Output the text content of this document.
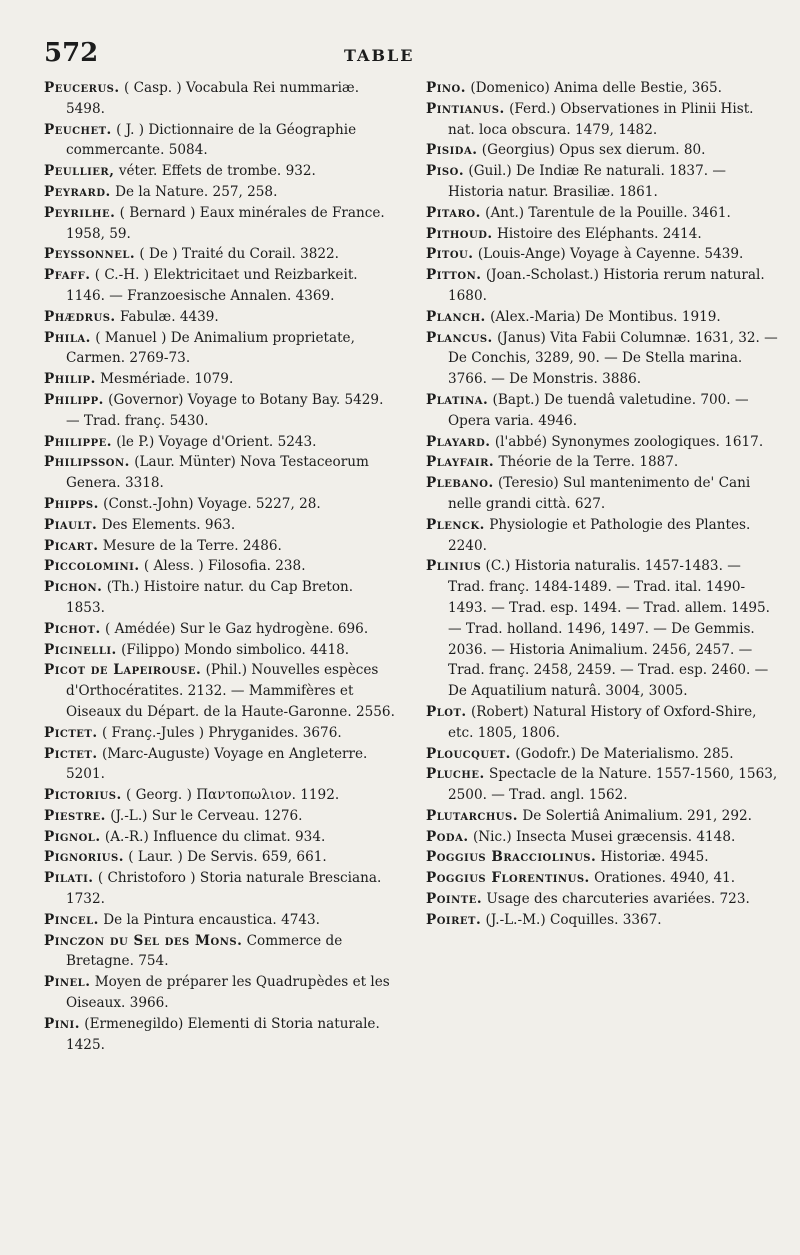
572	TABLE

Peucerus. ( Casp. ) Vocabula Rei nummariæ. 5498.

Peuchet. ( J. ) Dictionnaire de la Géographie commercante. 5084.

Peullier, véter. Effets de trombe. 932.

Peyrard. De la Nature. 257, 258.

Peyrilhe. ( Bernard ) Eaux minérales de France. 1958, 59.

Peyssonnel. ( De ) Traité du Corail. 3822.

Pfaff. ( C.-H. ) Elektricitaet und Reizbarkeit. 1146. — Franzoesische Annalen. 4369.

Phædrus. Fabulæ. 4439.

Phila. ( Manuel ) De Animalium proprietate, Carmen. 2769-73.

Philip. Mesmériade. 1079.

Philipp. (Governor) Voyage to Botany Bay. 5429. — Trad. franç. 5430.

Philippe. (le P.) Voyage d'Orient. 5243.

Philipsson. (Laur. Münter) Nova Testaceorum Genera. 3318.

Phipps. (Const.-John) Voyage. 5227, 28.

Piault. Des Elements. 963.

Picart. Mesure de la Terre. 2486.

Piccolomini. ( Aless. ) Filosofia. 238.

Pichon. (Th.) Histoire natur. du Cap Breton. 1853.

Pichot. ( Amédée) Sur le Gaz hydrogène. 696.

Picinelli. (Filippo) Mondo simbolico. 4418.

Picot de Lapeirouse. (Phil.) Nouvelles espèces d'Orthocératites. 2132. — Mammifères et Oiseaux du Départ. de la Haute-Garonne. 2556.

Pictet. ( Franç.-Jules ) Phryganides. 3676.

Pictet. (Marc-Auguste) Voyage en Angleterre. 5201.

Pictorius. ( Georg. ) Παντοπωλιον. 1192.

Piestre. (J.-L.) Sur le Cerveau. 1276.

Pignol. (A.-R.) Influence du climat. 934.

Pignorius. ( Laur. ) De Servis. 659, 661.

Pilati. ( Christoforo ) Storia naturale Bresciana. 1732.

Pincel. De la Pintura encaustica. 4743.

Pinczon du Sel des Mons. Commerce de Bretagne. 754.

Pinel. Moyen de préparer les Quadrupèdes et les Oiseaux. 3966.

Pini. (Ermenegildo) Elementi di Storia naturale. 1425.

Pino. (Domenico) Anima delle Bestie, 365.

Pintianus. (Ferd.) Observationes in Plinii Hist. nat. loca obscura. 1479, 1482.

Pisida. (Georgius) Opus sex dierum. 80.

Piso. (Guil.) De Indiæ Re naturali. 1837. — Historia natur. Brasiliæ. 1861.

Pitaro. (Ant.) Tarentule de la Pouille. 3461.

Pithoud. Histoire des Eléphants. 2414.

Pitou. (Louis-Ange) Voyage à Cayenne. 5439.

Pitton. (Joan.-Scholast.) Historia rerum natural. 1680.

Planch. (Alex.-Maria) De Montibus. 1919.

Plancus. (Janus) Vita Fabii Columnæ. 1631, 32. — De Conchis, 3289, 90. — De Stella marina. 3766. — De Monstris. 3886.

Platina. (Bapt.) De tuendâ valetudine. 700. — Opera varia. 4946.

Playard. (l'abbé) Synonymes zoologiques. 1617.

Playfair. Théorie de la Terre. 1887.

Plebano. (Teresio) Sul mantenimento de' Cani nelle grandi città. 627.

Plenck. Physiologie et Pathologie des Plantes. 2240.

Plinius (C.) Historia naturalis. 1457-1483. — Trad. franç. 1484-1489. — Trad. ital. 1490-1493. — Trad. esp. 1494. — Trad. allem. 1495. — Trad. holland. 1496, 1497. — De Gemmis. 2036. — Historia Animalium. 2456, 2457. — Trad. franç. 2458, 2459. — Trad. esp. 2460. — De Aquatilium naturâ. 3004, 3005.

Plot. (Robert) Natural History of Oxford-Shire, etc. 1805, 1806.

Ploucquet. (Godofr.) De Materialismo. 285.

Pluche. Spectacle de la Nature. 1557-1560, 1563, 2500. — Trad. angl. 1562.

Plutarchus. De Solertiâ Animalium. 291, 292.

Poda. (Nic.) Insecta Musei græcensis. 4148.

Poggius Bracciolinus. Historiæ. 4945.

Poggius Florentinus. Orationes. 4940, 41.

Pointe. Usage des charcuteries avariées. 723.

Poiret. (J.-L.-M.) Coquilles. 3367.
